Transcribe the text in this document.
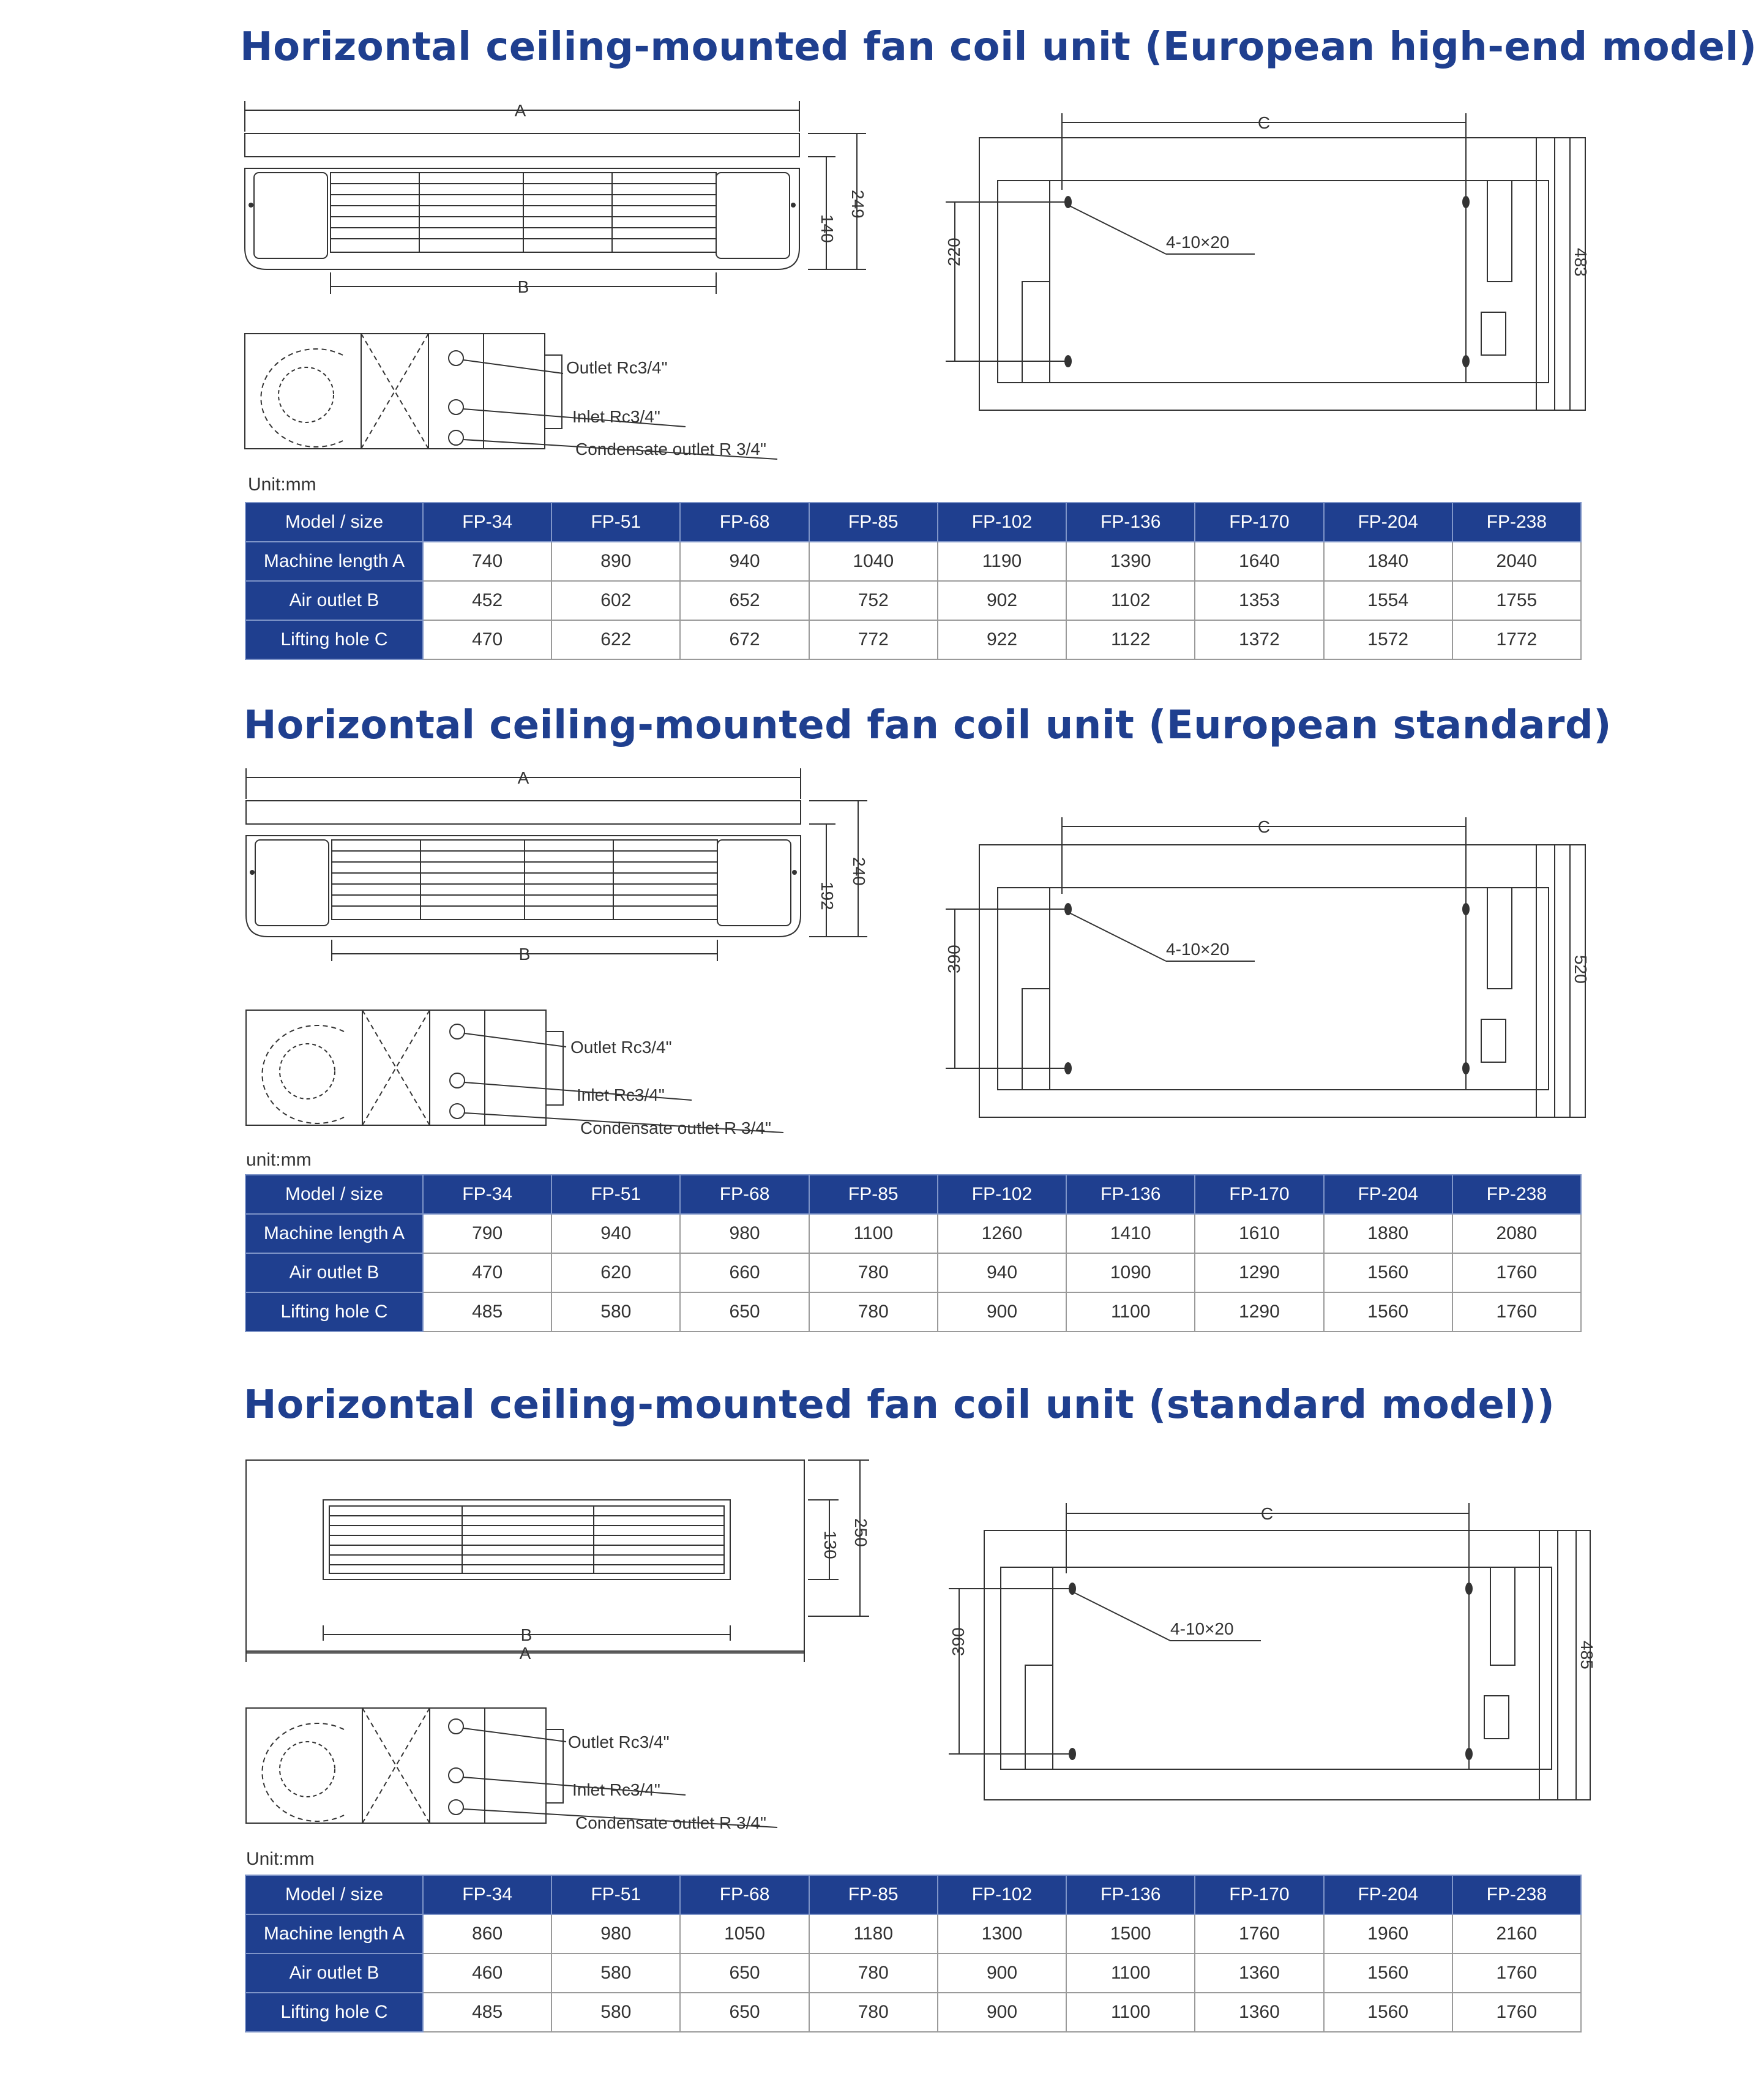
Horizontal ceiling-mounted fan coil unit (European high-end model)
A
B
C
140
249
220	483
4-10×20
Outlet Rc3/4"
Inlet Rc3/4"
Condensate outlet R 3/4"
Unit:mm
Model / size	FP-34	FP-51	FP-68	FP-85	FP-102	FP-136	FP-170	FP-204	FP-238
Machine length A	740	890	940	1040	1190	1390	1640	1840	2040
Air outlet B	452	602	652	752	902	1102	1353	1554	1755
Lifting hole C	470	622	672	772	922	1122	1372	1572	1772
Horizontal ceiling-mounted fan coil unit (European standard)
A
B
C
192
240
390	520
4-10×20
Outlet Rc3/4"
Inlet Rc3/4"
Condensate outlet R 3/4"
unit:mm
Model / size	FP-34	FP-51	FP-68	FP-85	FP-102	FP-136	FP-170	FP-204	FP-238
Machine length A	790	940	980	1100	1260	1410	1610	1880	2080
Air outlet B	470	620	660	780	940	1090	1290	1560	1760
Lifting hole C	485	580	650	780	900	1100	1290	1560	1760
Horizontal ceiling-mounted fan coil unit (standard model))
B
A
C
130 250
390	485
4-10×20
Outlet Rc3/4"
Inlet Rc3/4"
Condensate outlet R 3/4"
Unit:mm
Model / size	FP-34	FP-51	FP-68	FP-85	FP-102	FP-136	FP-170	FP-204	FP-238
Machine length A	860	980	1050	1180	1300	1500	1760	1960	2160
Air outlet B	460	580	650	780	900	1100	1360	1560	1760
Lifting hole C	485	580	650	780	900	1100	1360	1560	1760
